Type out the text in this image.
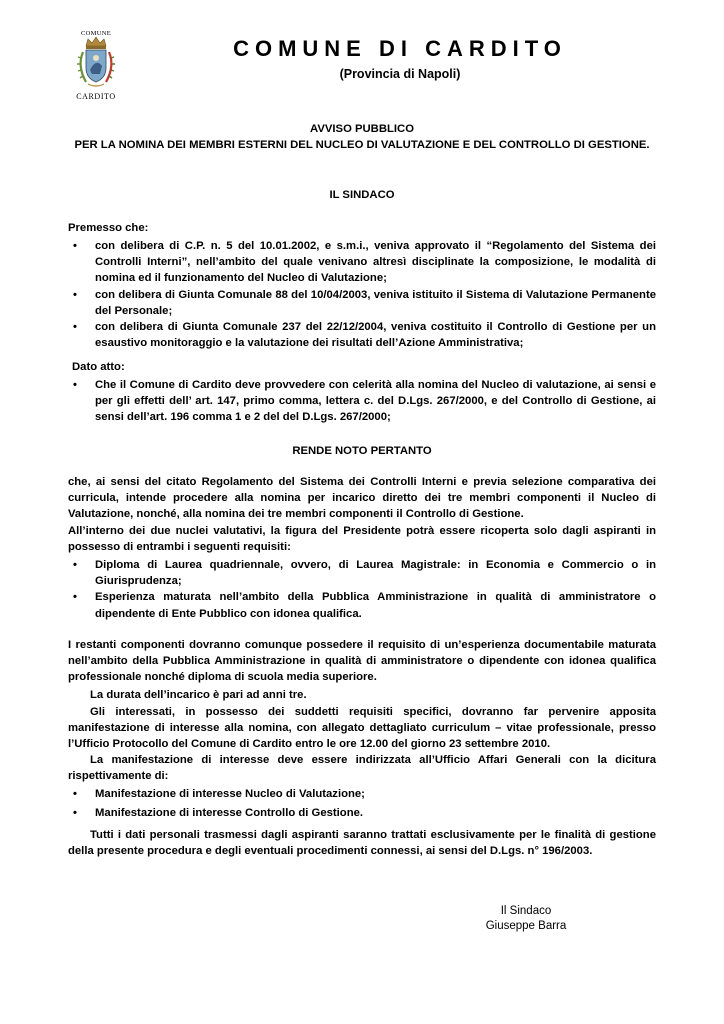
COMUNE
CARDITO
COMUNE DI CARDITO
(Provincia di Napoli)
AVVISO PUBBLICO
PER LA NOMINA DEI MEMBRI ESTERNI DEL NUCLEO DI VALUTAZIONE E DEL CONTROLLO DI GESTIONE.
IL SINDACO
Premesso che:
• con delibera di C.P. n. 5 del 10.01.2002, e s.m.i., veniva approvato il “Regolamento del Sistema dei Controlli Interni”, nell’ambito del quale venivano altresì disciplinate la composizione, le modalità di nomina ed il funzionamento del Nucleo di Valutazione;
• con delibera di Giunta Comunale 88 del 10/04/2003, veniva istituito il Sistema di Valutazione Permanente del Personale;
• con delibera di Giunta Comunale 237 del 22/12/2004, veniva costituito il Controllo di Gestione per un esaustivo monitoraggio e la valutazione dei risultati dell’Azione Amministrativa;
Dato atto:
• Che il Comune di Cardito deve provvedere con celerità alla nomina del Nucleo di valutazione, ai sensi e per gli effetti dell’ art. 147, primo comma, lettera c. del D.Lgs. 267/2000, e del Controllo di Gestione, ai sensi dell’art. 196 comma 1 e 2 del del D.Lgs. 267/2000;
RENDE NOTO PERTANTO

che, ai sensi del citato Regolamento del Sistema dei Controlli Interni e previa selezione comparativa dei curricula, intende procedere alla nomina per incarico diretto dei tre membri componenti il Nucleo di Valutazione, nonché, alla nomina dei tre membri componenti il Controllo di Gestione.

All’interno dei due nuclei valutativi, la figura del Presidente potrà essere ricoperta solo dagli aspiranti in possesso di entrambi i seguenti requisiti:

• Diploma di Laurea quadriennale, ovvero, di Laurea Magistrale: in Economia e Commercio o in Giurisprudenza;
• Esperienza maturata nell’ambito della Pubblica Amministrazione in qualità di amministratore o dipendente di Ente Pubblico con idonea qualifica.

I restanti componenti dovranno comunque possedere il requisito di un’esperienza documentabile maturata nell’ambito della Pubblica Amministrazione in qualità di amministratore o dipendente con idonea qualifica professionale nonché diploma di scuola media superiore.

La durata dell’incarico è pari ad anni tre.

Gli interessati, in possesso dei suddetti requisiti specifici, dovranno far pervenire apposita manifestazione di interesse alla nomina, con allegato dettagliato curriculum – vitae professionale, presso l’Ufficio Protocollo del Comune di Cardito entro le ore 12.00 del giorno 23 settembre 2010.

La manifestazione di interesse deve essere indirizzata all’Ufficio Affari Generali con la dicitura rispettivamente di:

• Manifestazione di interesse Nucleo di Valutazione;
• Manifestazione di interesse Controllo di Gestione.

Tutti i dati personali trasmessi dagli aspiranti saranno trattati esclusivamente per le finalità di gestione della presente procedura e degli eventuali procedimenti connessi, ai sensi del D.Lgs. n° 196/2003.

Il Sindaco
Giuseppe Barra
